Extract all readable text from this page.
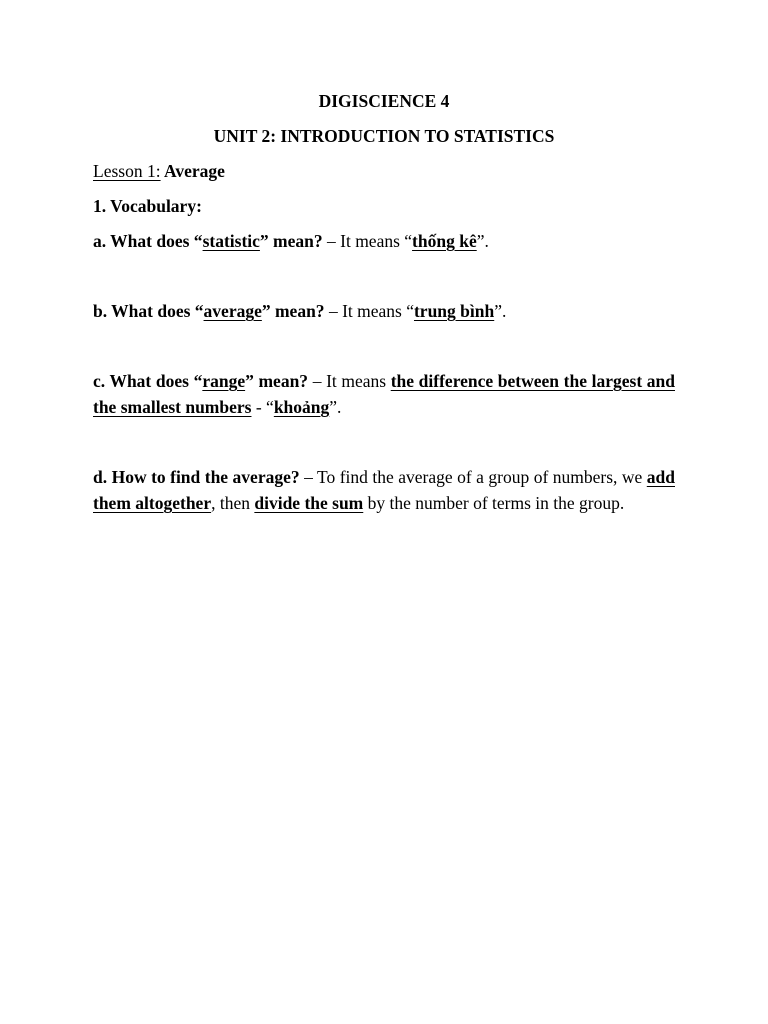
DIGISCIENCE 4
UNIT 2: INTRODUCTION TO STATISTICS
Lesson 1: Average
1. Vocabulary:
a. What does “statistic” mean? – It means “thống kê”.
b. What does “average” mean? – It means “trung bình”.
c. What does “range” mean? – It means the difference between the largest and the smallest numbers - “khoảng”.
d. How to find the average? – To find the average of a group of numbers, we add them altogether, then divide the sum by the number of terms in the group.
